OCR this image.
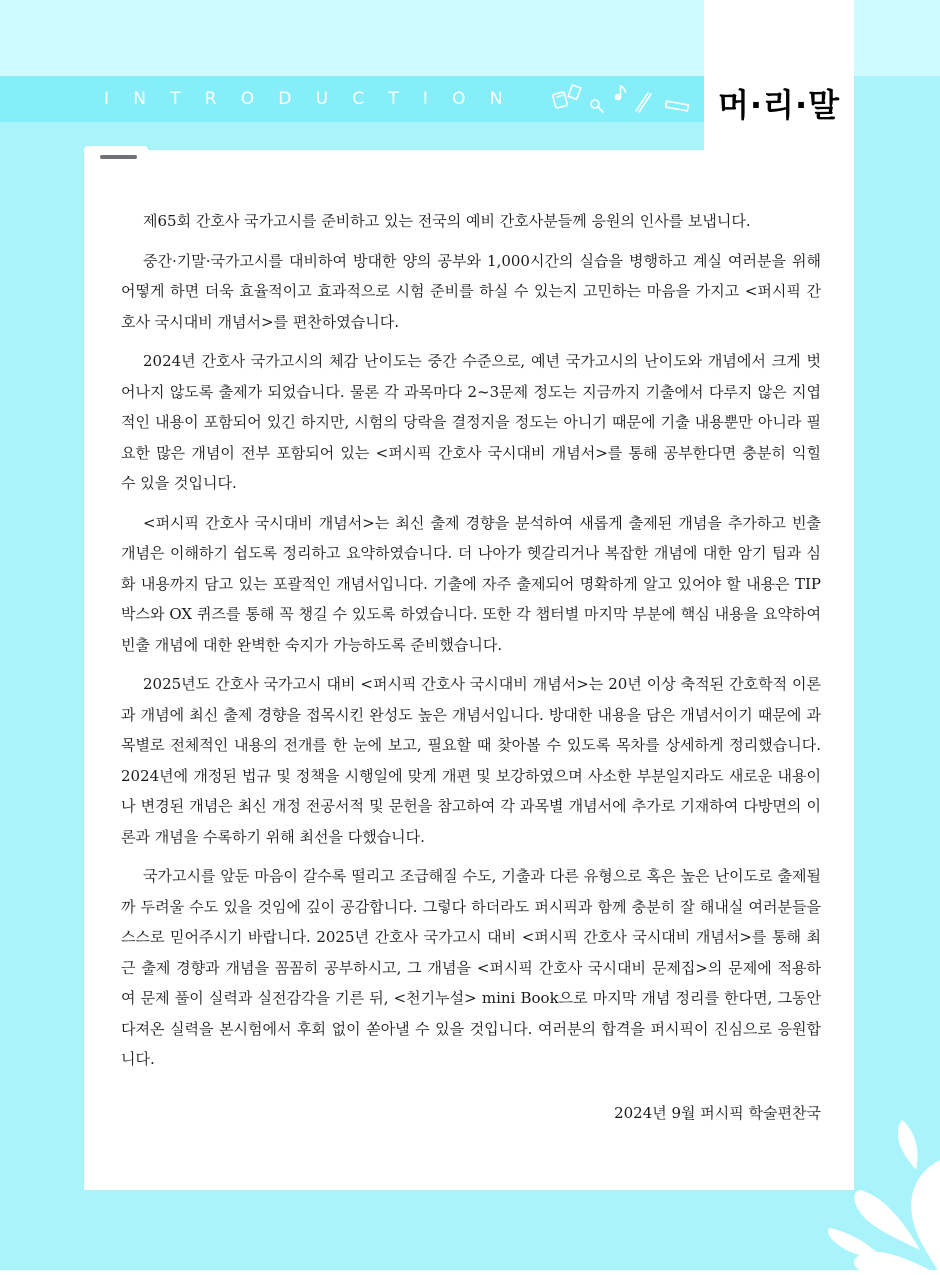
INTRODUCTION	머·리·말

제65회 간호사 국가고시를 준비하고 있는 전국의 예비 간호사분들께 응원의 인사를 보냅니다.

중간·기말·국가고시를 대비하여 방대한 양의 공부와 1,000시간의 실습을 병행하고 계실 여러분을 위해 어떻게 하면 더욱 효율적이고 효과적으로 시험 준비를 하실 수 있는지 고민하는 마음을 가지고 <퍼시픽 간호사 국시대비 개념서>를 편찬하였습니다.

2024년 간호사 국가고시의 체감 난이도는 중간 수준으로, 예년 국가고시의 난이도와 개념에서 크게 벗어나지 않도록 출제가 되었습니다. 물론 각 과목마다 2~3문제 정도는 지금까지 기출에서 다루지 않은 지엽적인 내용이 포함되어 있긴 하지만, 시험의 당락을 결정지을 정도는 아니기 때문에 기출 내용뿐만 아니라 필요한 많은 개념이 전부 포함되어 있는 <퍼시픽 간호사 국시대비 개념서>를 통해 공부한다면 충분히 익힐 수 있을 것입니다.

<퍼시픽 간호사 국시대비 개념서>는 최신 출제 경향을 분석하여 새롭게 출제된 개념을 추가하고 빈출 개념은 이해하기 쉽도록 정리하고 요약하였습니다. 더 나아가 헷갈리거나 복잡한 개념에 대한 암기 팁과 심화 내용까지 담고 있는 포괄적인 개념서입니다. 기출에 자주 출제되어 명확하게 알고 있어야 할 내용은 TIP 박스와 OX 퀴즈를 통해 꼭 챙길 수 있도록 하였습니다. 또한 각 챕터별 마지막 부분에 핵심 내용을 요약하여 빈출 개념에 대한 완벽한 숙지가 가능하도록 준비했습니다.

2025년도 간호사 국가고시 대비 <퍼시픽 간호사 국시대비 개념서>는 20년 이상 축적된 간호학적 이론과 개념에 최신 출제 경향을 접목시킨 완성도 높은 개념서입니다. 방대한 내용을 담은 개념서이기 때문에 과목별로 전체적인 내용의 전개를 한 눈에 보고, 필요할 때 찾아볼 수 있도록 목차를 상세하게 정리했습니다. 2024년에 개정된 법규 및 정책을 시행일에 맞게 개편 및 보강하였으며 사소한 부분일지라도 새로운 내용이나 변경된 개념은 최신 개정 전공서적 및 문헌을 참고하여 각 과목별 개념서에 추가로 기재하여 다방면의 이론과 개념을 수록하기 위해 최선을 다했습니다.

국가고시를 앞둔 마음이 갈수록 떨리고 조급해질 수도, 기출과 다른 유형으로 혹은 높은 난이도로 출제될까 두려울 수도 있을 것임에 깊이 공감합니다. 그렇다 하더라도 퍼시픽과 함께 충분히 잘 해내실 여러분들을 스스로 믿어주시기 바랍니다. 2025년 간호사 국가고시 대비 <퍼시픽 간호사 국시대비 개념서>를 통해 최근 출제 경향과 개념을 꼼꼼히 공부하시고, 그 개념을 <퍼시픽 간호사 국시대비 문제집>의 문제에 적용하여 문제 풀이 실력과 실전감각을 기른 뒤, <천기누설> mini Book으로 마지막 개념 정리를 한다면, 그동안 다져온 실력을 본시험에서 후회 없이 쏟아낼 수 있을 것입니다. 여러분의 합격을 퍼시픽이 진심으로 응원합니다.

2024년 9월 퍼시픽 학술편찬국
